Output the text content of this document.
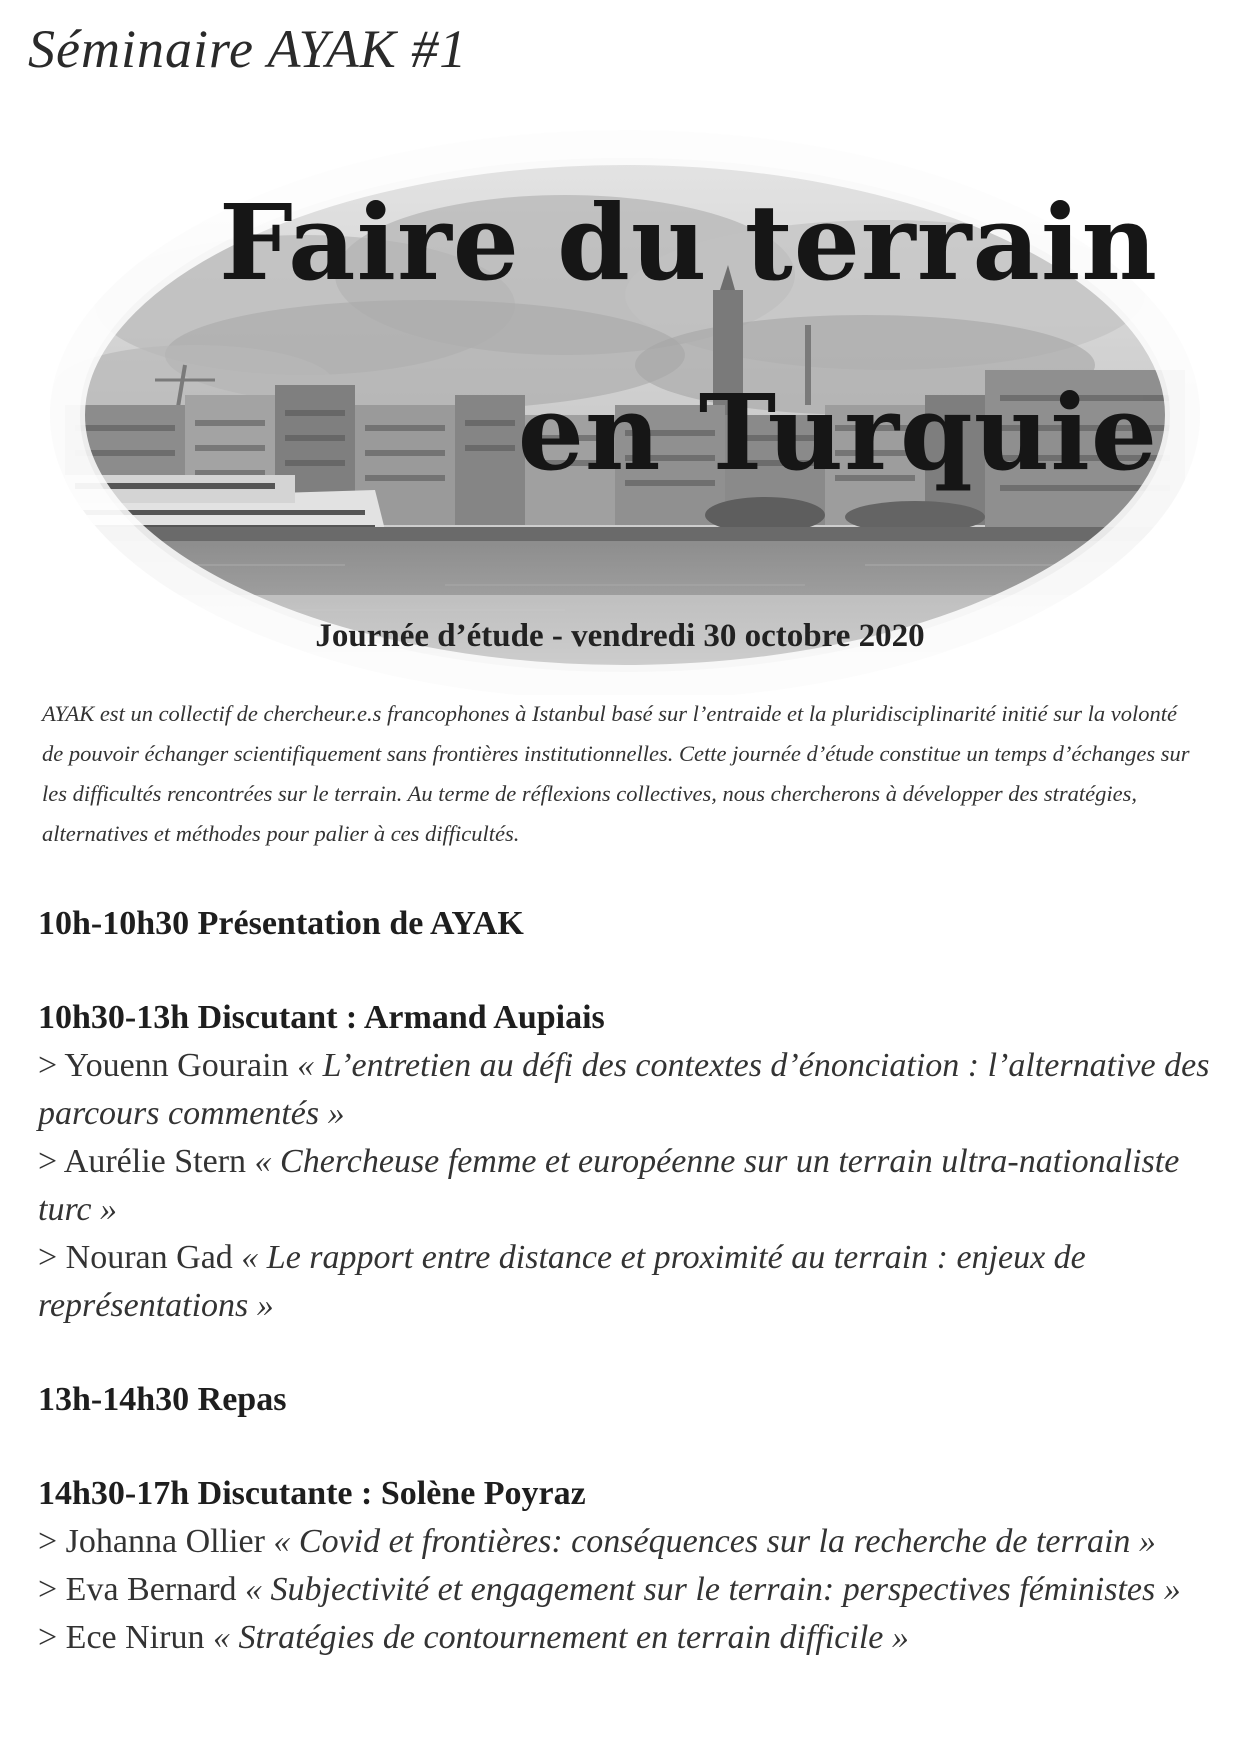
Séminaire AYAK #1
Faire du terrain
en Turquie

Journée d’étude - vendredi 30 octobre 2020

AYAK est un collectif de chercheur.e.s francophones à Istanbul basé sur l’entraide et la pluridisciplinarité initié sur la volonté de pouvoir échanger scientifiquement sans frontières institutionnelles. Cette journée d’étude constitue un temps d’échanges sur les difficultés rencontrées sur le terrain. Au terme de réflexions collectives, nous chercherons à développer des stratégies, alternatives et méthodes pour palier à ces difficultés.

10h-10h30 Présentation de AYAK

10h30-13h Discutant : Armand Aupiais

> Youenn Gourain « L’entretien au défi des contextes d’énonciation : l’alternative des parcours commentés »

> Aurélie Stern « Chercheuse femme et européenne sur un terrain ultra-nationaliste turc »

> Nouran Gad « Le rapport entre distance et proximité au terrain : enjeux de représentations »

13h-14h30 Repas

14h30-17h Discutante : Solène Poyraz

> Johanna Ollier « Covid et frontières: conséquences sur la recherche de terrain »

> Eva Bernard « Subjectivité et engagement sur le terrain: perspectives féministes »

> Ece Nirun « Stratégies de contournement en terrain difficile »
